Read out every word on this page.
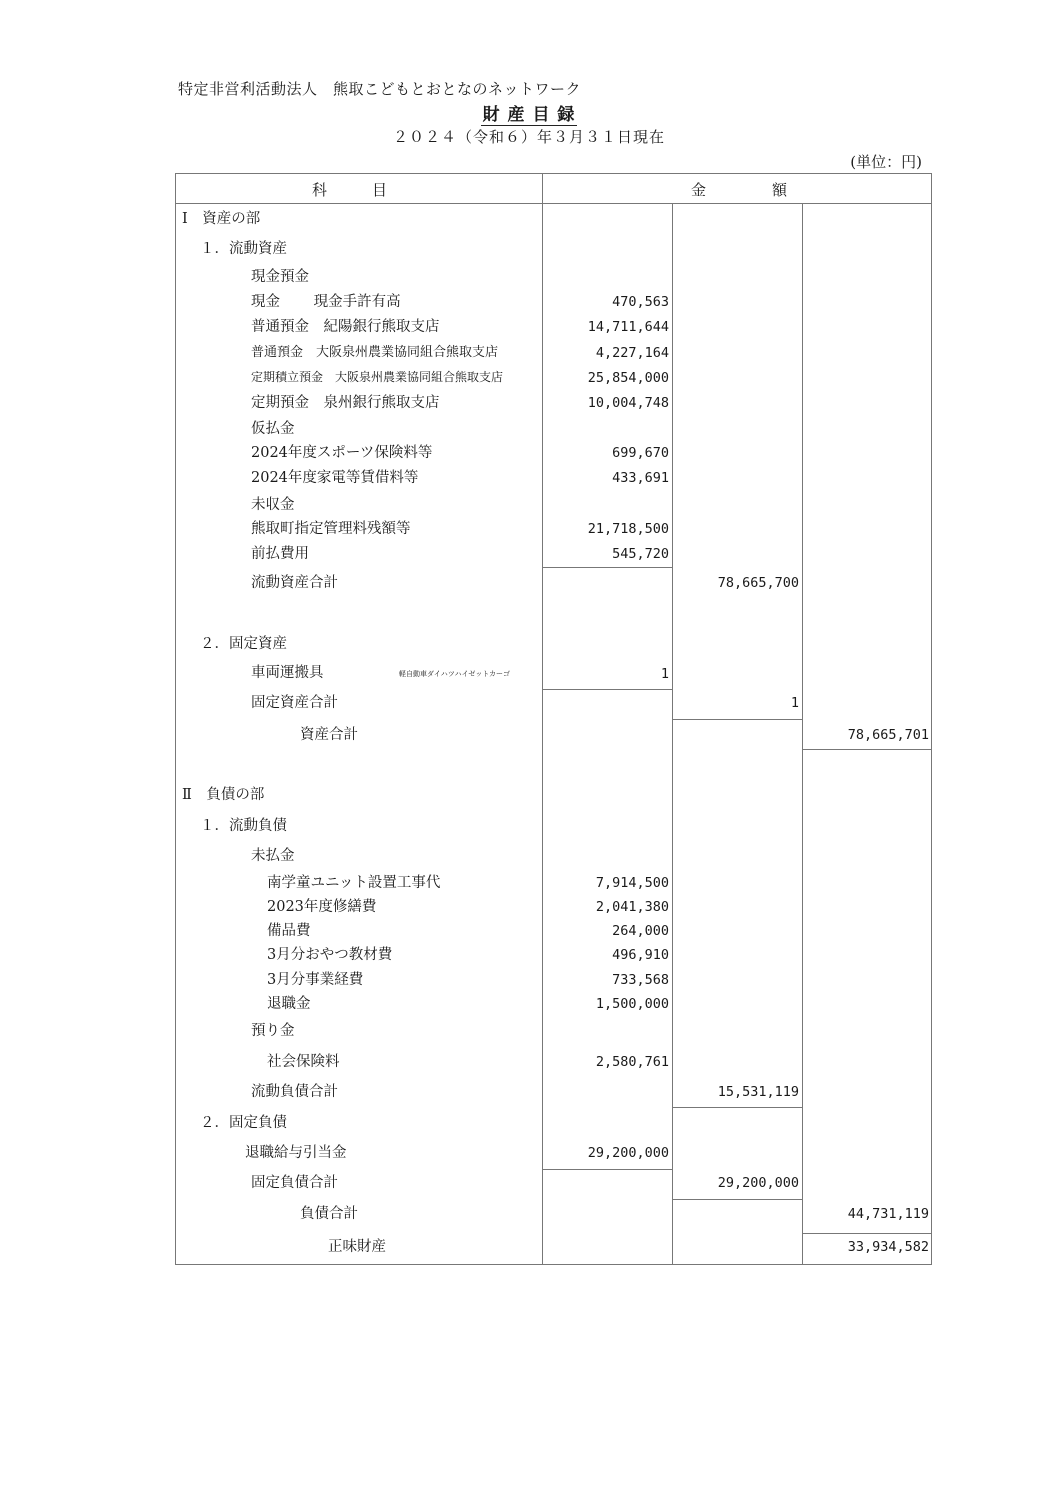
特定非営利活動法人　熊取こどもとおとなのネットワーク
財 産 目 録
２０２４（令和６）年３月３１日現在
(単位：円)
科　　　目	金	額
Ⅰ　資産の部
１．流動資産
現金預金
現金　　 現金手許有高	470,563
普通預金　紀陽銀行熊取支店	14,711,644
普通預金　大阪泉州農業協同組合熊取支店	4,227,164
定期積立預金　大阪泉州農業協同組合熊取支店	25,854,000
定期預金　泉州銀行熊取支店	10,004,748
仮払金
2024年度スポーツ保険料等	699,670
2024年度家電等賃借料等	433,691
未収金
熊取町指定管理料残額等	21,718,500
前払費用	545,720
流動資産合計	78,665,700
２．固定資産
車両運搬具	軽自動車ダイハツハイゼットカーゴ	1
固定資産合計	1
資産合計	78,665,701
Ⅱ　負債の部
１．流動負債
未払金
南学童ユニット設置工事代	7,914,500
2023年度修繕費	2,041,380
備品費	264,000
3月分おやつ教材費	496,910
3月分事業経費	733,568
退職金	1,500,000
預り金
社会保険料	2,580,761
流動負債合計	15,531,119
２．固定負債
退職給与引当金	29,200,000
固定負債合計	29,200,000
負債合計	44,731,119
正味財産	33,934,582
